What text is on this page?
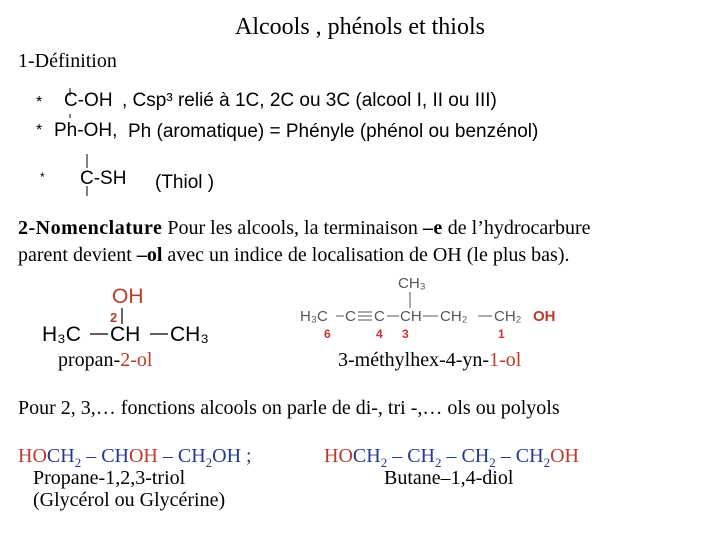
Alcools , phénols et thiols
1-Définition
*
*
*
C-OH , Csp³ relié à 1C, 2C ou 3C (alcool I, II ou III)
Ph-OH, Ph (aromatique) = Phényle (phénol ou benzénol)
C-SH (Thiol )
2-Nomenclature Pour les alcools, la terminaison –e de l’hydrocarbure
parent devient –ol avec un indice de localisation de OH (le plus bas).
OH
2
H₃C CH CH₃
CH₃
H₃C C C CH CH₂ CH₂ OH
6	4 3	1
propan-2-ol	3-méthylhex-4-yn-1-ol
Pour 2, 3,… fonctions alcools on parle de di-, tri -,… ols ou polyols
$HOCH_2$ – CHOH – $CH_2OH$ ;
Propane-1,2,3-triol
(Glycérol ou Glycérine)
$HOCH_2 - CH_2 - CH_2 - CH_2OH$
Butane–1,4-diol
